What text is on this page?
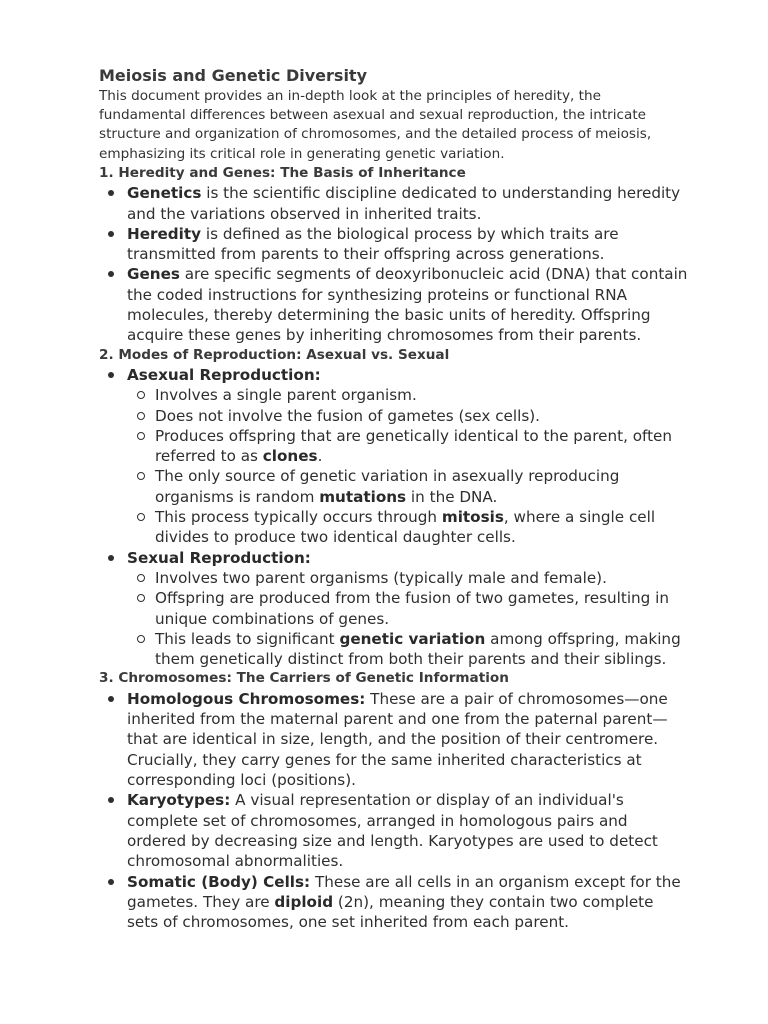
Meiosis and Genetic Diversity

This document provides an in-depth look at the principles of heredity, the fundamental differences between asexual and sexual reproduction, the intricate structure and organization of chromosomes, and the detailed process of meiosis, emphasizing its critical role in generating genetic variation.

1. Heredity and Genes: The Basis of Inheritance
Genetics is the scientific discipline dedicated to understanding heredity and the variations observed in inherited traits.
Heredity is defined as the biological process by which traits are transmitted from parents to their offspring across generations.
Genes are specific segments of deoxyribonucleic acid (DNA) that contain the coded instructions for synthesizing proteins or functional RNA molecules, thereby determining the basic units of heredity. Offspring acquire these genes by inheriting chromosomes from their parents.
2. Modes of Reproduction: Asexual vs. Sexual
Asexual Reproduction:
Involves a single parent organism.
Does not involve the fusion of gametes (sex cells).
Produces offspring that are genetically identical to the parent, often referred to as clones.
The only source of genetic variation in asexually reproducing organisms is random mutations in the DNA.
This process typically occurs through mitosis, where a single cell divides to produce two identical daughter cells.
Sexual Reproduction:
Involves two parent organisms (typically male and female).
Offspring are produced from the fusion of two gametes, resulting in unique combinations of genes.
This leads to significant genetic variation among offspring, making them genetically distinct from both their parents and their siblings.
3. Chromosomes: The Carriers of Genetic Information
Homologous Chromosomes: These are a pair of chromosomes—one inherited from the maternal parent and one from the paternal parent—that are identical in size, length, and the position of their centromere. Crucially, they carry genes for the same inherited characteristics at corresponding loci (positions).
Karyotypes: A visual representation or display of an individual's complete set of chromosomes, arranged in homologous pairs and ordered by decreasing size and length. Karyotypes are used to detect chromosomal abnormalities.
Somatic (Body) Cells: These are all cells in an organism except for the gametes. They are diploid (2n), meaning they contain two complete sets of chromosomes, one set inherited from each parent.
